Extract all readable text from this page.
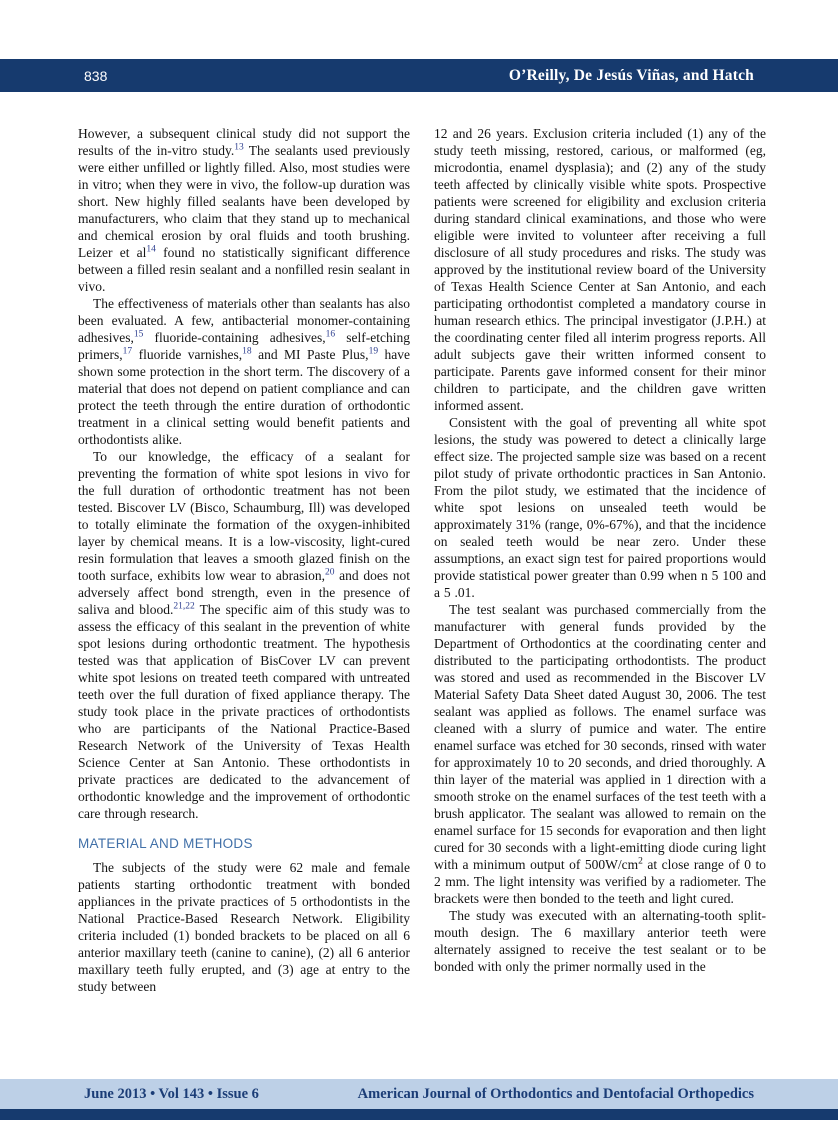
838	O’Reilly, De Jesús Viñas, and Hatch

However, a subsequent clinical study did not support the results of the in-vitro study.$^{13}$ The sealants used previously were either unfilled or lightly filled. Also, most studies were in vitro; when they were in vivo, the follow-up duration was short. New highly filled sealants have been developed by manufacturers, who claim that they stand up to mechanical and chemical erosion by oral fluids and tooth brushing. Leizer et al$^{14}$ found no statistically significant difference between a filled resin sealant and a nonfilled resin sealant in vivo.

The effectiveness of materials other than sealants has also been evaluated. A few, antibacterial monomer-containing adhesives,$^{15}$ fluoride-containing adhesives,$^{16}$ self-etching primers,$^{17}$ fluoride varnishes,$^{18}$ and MI Paste Plus,$^{19}$ have shown some protection in the short term. The discovery of a material that does not depend on patient compliance and can protect the teeth through the entire duration of orthodontic treatment in a clinical setting would benefit patients and orthodontists alike.

To our knowledge, the efficacy of a sealant for preventing the formation of white spot lesions in vivo for the full duration of orthodontic treatment has not been tested. Biscover LV (Bisco, Schaumburg, Ill) was developed to totally eliminate the formation of the oxygen-inhibited layer by chemical means. It is a low-viscosity, light-cured resin formulation that leaves a smooth glazed finish on the tooth surface, exhibits low wear to abrasion,$^{20}$ and does not adversely affect bond strength, even in the presence of saliva and blood.$^{21,22}$ The specific aim of this study was to assess the efficacy of this sealant in the prevention of white spot lesions during orthodontic treatment. The hypothesis tested was that application of BisCover LV can prevent white spot lesions on treated teeth compared with untreated teeth over the full duration of fixed appliance therapy. The study took place in the private practices of orthodontists who are participants of the National Practice-Based Research Network of the University of Texas Health Science Center at San Antonio. These orthodontists in private practices are dedicated to the advancement of orthodontic knowledge and the improvement of orthodontic care through research.

MATERIAL AND METHODS

The subjects of the study were 62 male and female patients starting orthodontic treatment with bonded appliances in the private practices of 5 orthodontists in the National Practice-Based Research Network. Eligibility criteria included (1) bonded brackets to be placed on all 6 anterior maxillary teeth (canine to canine), (2) all 6 anterior maxillary teeth fully erupted, and (3) age at entry to the study between

12 and 26 years. Exclusion criteria included (1) any of the study teeth missing, restored, carious, or malformed (eg, microdontia, enamel dysplasia); and (2) any of the study teeth affected by clinically visible white spots. Prospective patients were screened for eligibility and exclusion criteria during standard clinical examinations, and those who were eligible were invited to volunteer after receiving a full disclosure of all study procedures and risks. The study was approved by the institutional review board of the University of Texas Health Science Center at San Antonio, and each participating orthodontist completed a mandatory course in human research ethics. The principal investigator (J.P.H.) at the coordinating center filed all interim progress reports. All adult subjects gave their written informed consent to participate. Parents gave informed consent for their minor children to participate, and the children gave written informed assent.

Consistent with the goal of preventing all white spot lesions, the study was powered to detect a clinically large effect size. The projected sample size was based on a recent pilot study of private orthodontic practices in San Antonio. From the pilot study, we estimated that the incidence of white spot lesions on unsealed teeth would be approximately 31% (range, 0%-67%), and that the incidence on sealed teeth would be near zero. Under these assumptions, an exact sign test for paired proportions would provide statistical power greater than 0.99 when n 5 100 and a 5 .01.

The test sealant was purchased commercially from the manufacturer with general funds provided by the Department of Orthodontics at the coordinating center and distributed to the participating orthodontists. The product was stored and used as recommended in the Biscover LV Material Safety Data Sheet dated August 30, 2006. The test sealant was applied as follows. The enamel surface was cleaned with a slurry of pumice and water. The entire enamel surface was etched for 30 seconds, rinsed with water for approximately 10 to 20 seconds, and dried thoroughly. A thin layer of the material was applied in 1 direction with a smooth stroke on the enamel surfaces of the test teeth with a brush applicator. The sealant was allowed to remain on the enamel surface for 15 seconds for evaporation and then light cured for 30 seconds with a light-emitting diode curing light with a minimum output of $500W/cm^2$ at close range of 0 to 2 mm. The light intensity was verified by a radiometer. The brackets were then bonded to the teeth and light cured.

The study was executed with an alternating-tooth split-mouth design. The 6 maxillary anterior teeth were alternately assigned to receive the test sealant or to be bonded with only the primer normally used in the

June 2013 • Vol 143 • Issue 6	American Journal of Orthodontics and Dentofacial Orthopedics
